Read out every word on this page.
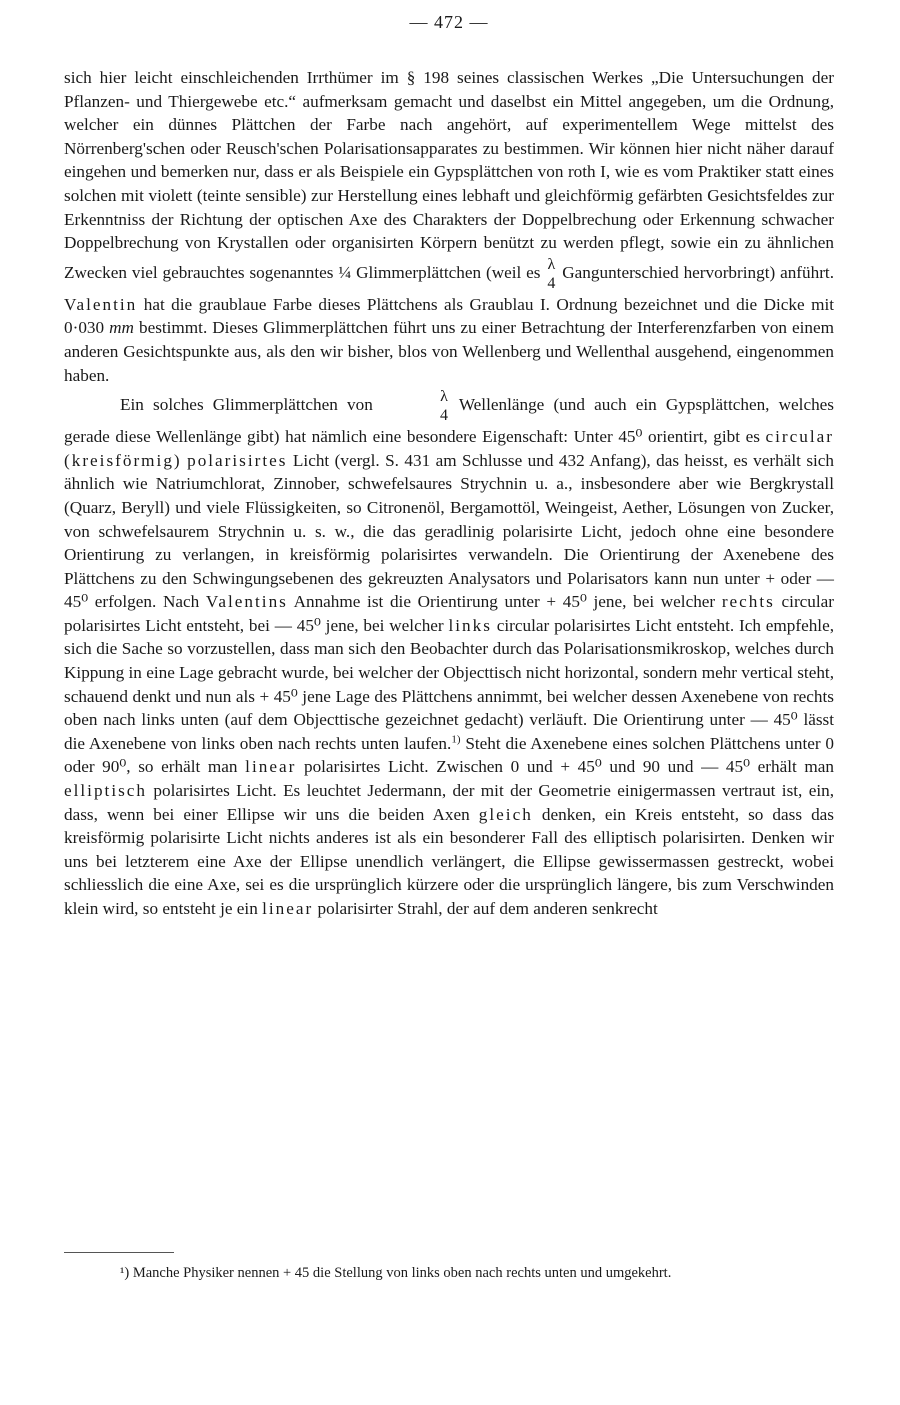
— 472 —

sich hier leicht einschleichenden Irrthümer im § 198 seines classischen Werkes „Die Untersuchungen der Pflanzen- und Thiergewebe etc.“ aufmerksam gemacht und daselbst ein Mittel angegeben, um die Ordnung, welcher ein dünnes Plättchen der Farbe nach angehört, auf experimentellem Wege mittelst des Nörrenberg'schen oder Reusch'schen Polarisationsapparates zu bestimmen. Wir können hier nicht näher darauf eingehen und bemerken nur, dass er als Beispiele ein Gypsplättchen von roth I, wie es vom Praktiker statt eines solchen mit violett (teinte sensible) zur Herstellung eines lebhaft und gleichförmig gefärbten Gesichtsfeldes zur Erkenntniss der Richtung der optischen Axe des Charakters der Doppelbrechung oder Erkennung schwacher Doppelbrechung von Krystallen oder organisirten Körpern benützt zu werden pflegt, sowie ein zu ähnlichen Zwecken viel gebrauchtes sogenanntes ¼ Glimmerplättchen (weil es λ
4
Gangunterschied hervorbringt) anführt. Valentin hat die graublaue Farbe dieses Plättchens als Graublau I. Ordnung bezeichnet und die Dicke mit 0·030 mm bestimmt. Dieses Glimmerplättchen führt uns zu einer Betrachtung der Interferenzfarben von einem anderen Gesichtspunkte aus, als den wir bisher, blos von Wellenberg und Wellenthal ausgehend, eingenommen haben.

Ein solches Glimmerplättchen von	λ
4
Wellenlänge (und auch ein Gypsplättchen, welches gerade diese Wellenlänge gibt) hat nämlich eine besondere Eigenschaft: Unter 45⁰ orientirt, gibt es circular (kreisförmig) polarisirtes Licht (vergl. S. 431 am Schlusse und 432 Anfang), das heisst, es verhält sich ähnlich wie Natriumchlorat, Zinnober, schwefelsaures Strychnin u. a., insbesondere aber wie Bergkrystall (Quarz, Beryll) und viele Flüssigkeiten, so Citronenöl, Bergamottöl, Weingeist, Aether, Lösungen von Zucker, von schwefelsaurem Strychnin u. s. w., die das geradlinig polarisirte Licht, jedoch ohne eine besondere Orientirung zu verlangen, in kreisförmig polarisirtes verwandeln. Die Orientirung der Axenebene des Plättchens zu den Schwingungsebenen des gekreuzten Analysators und Polarisators kann nun unter + oder — 45⁰ erfolgen. Nach Valentins Annahme ist die Orientirung unter + 45⁰ jene, bei welcher rechts circular polarisirtes Licht entsteht, bei — 45⁰ jene, bei welcher links circular polarisirtes Licht entsteht. Ich empfehle, sich die Sache so vorzustellen, dass man sich den Beobachter durch das Polarisationsmikroskop, welches durch Kippung in eine Lage gebracht wurde, bei welcher der Objecttisch nicht horizontal, sondern mehr vertical steht, schauend denkt und nun als + 45⁰ jene Lage des Plättchens annimmt, bei welcher dessen Axenebene von rechts oben nach links unten (auf dem Objecttische gezeichnet gedacht) verläuft. Die Orientirung unter — 45⁰ lässt die Axenebene von links oben nach rechts unten laufen.$^{1)}$ Steht die Axenebene eines solchen Plättchens unter 0 oder 90⁰, so erhält man linear polarisirtes Licht. Zwischen 0 und + 45⁰ und 90 und — 45⁰ erhält man elliptisch polarisirtes Licht. Es leuchtet Jedermann, der mit der Geometrie einigermassen vertraut ist, ein, dass, wenn bei einer Ellipse wir uns die beiden Axen gleich denken, ein Kreis entsteht, so dass das kreisförmig polarisirte Licht nichts anderes ist als ein besonderer Fall des elliptisch polarisirten. Denken wir uns bei letzterem eine Axe der Ellipse unendlich verlängert, die Ellipse gewissermassen gestreckt, wobei schliesslich die eine Axe, sei es die ursprünglich kürzere oder die ursprünglich längere, bis zum Verschwinden klein wird, so entsteht je ein linear polarisirter Strahl, der auf dem anderen senkrecht

¹) Manche Physiker nennen + 45 die Stellung von links oben nach rechts unten und umgekehrt.
